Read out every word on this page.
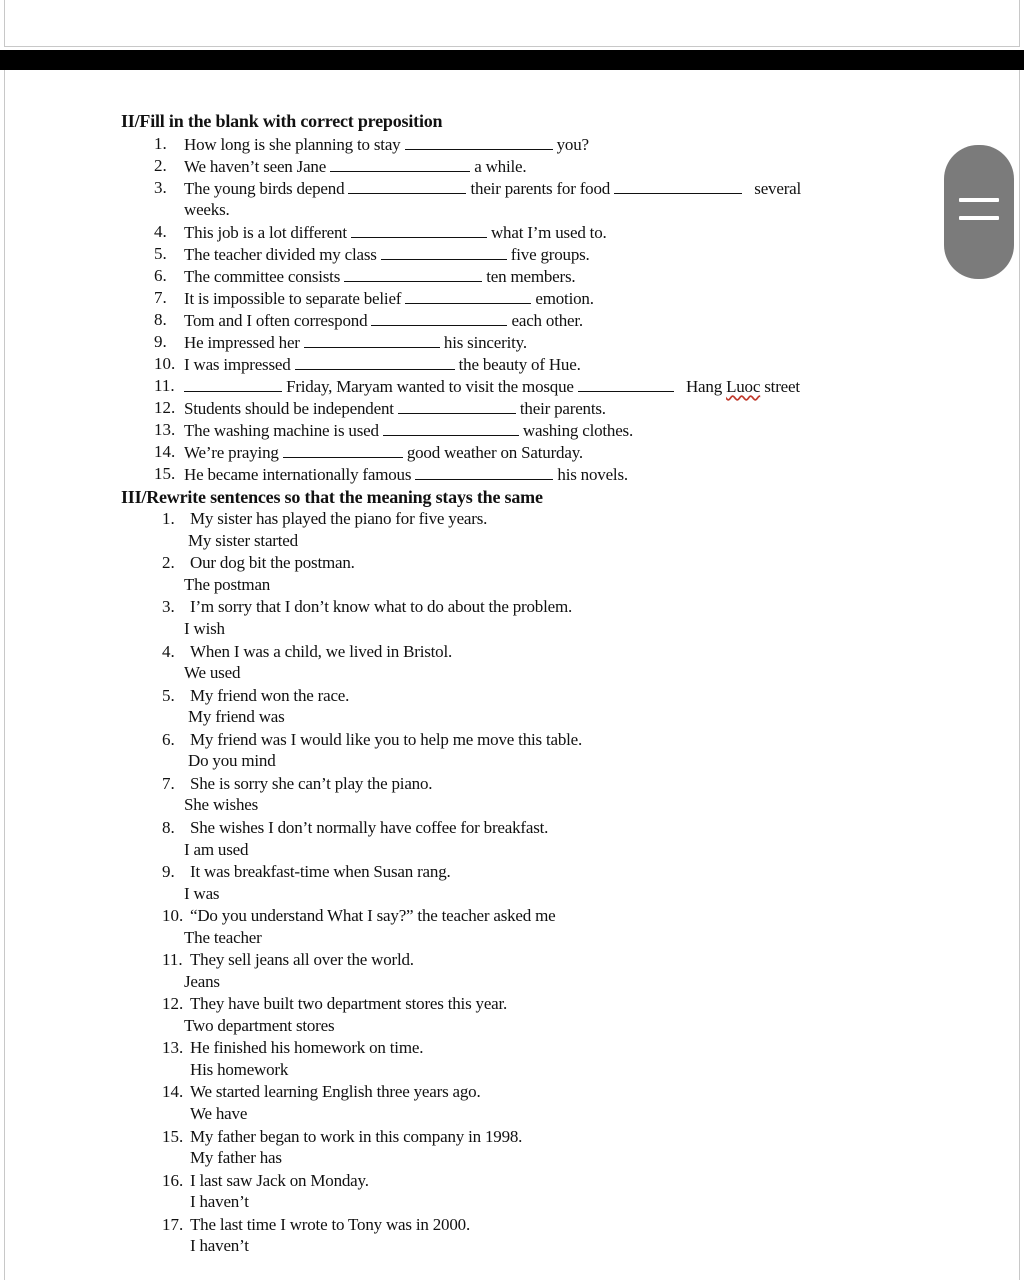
II/Fill in the blank with correct preposition
1. How long is she planning to stay	you?
2. We haven’t seen Jane	a while.
3. The young birds depend	their parents for food	several
weeks.
4. This job is a lot different	what I’m used to.
5. The teacher divided my class	five groups.
6. The committee consists	ten members.
7. It is impossible to separate belief	emotion.
8. Tom and I often correspond	each other.
9. He impressed her	his sincerity.
10. I was impressed	the beauty of Hue.
11.	Friday, Maryam wanted to visit the mosque	Hang Luoc street
12. Students should be independent	their parents.
13. The washing machine is used	washing clothes.
14. We’re praying	good weather on Saturday.
15. He became internationally famous	his novels.
III/Rewrite sentences so that the meaning stays the same
1. My sister has played the piano for five years.
My sister started
2. Our dog bit the postman.
The postman
3. I’m sorry that I don’t know what to do about the problem.
I wish
4. When I was a child, we lived in Bristol.
We used
5. My friend won the race.
My friend was
6. My friend was I would like you to help me move this table.
Do you mind
7. She is sorry she can’t play the piano.
She wishes
8. She wishes I don’t normally have coffee for breakfast.
I am used
9. It was breakfast-time when Susan rang.
I was
10. “Do you understand What I say?” the teacher asked me
The teacher
11. They sell jeans all over the world.
Jeans
12. They have built two department stores this year.
Two department stores
13. He finished his homework on time.
His homework
14. We started learning English three years ago.
We have
15. My father began to work in this company in 1998.
My father has
16. I last saw Jack on Monday.
I haven’t
17. The last time I wrote to Tony was in 2000.
I haven’t
